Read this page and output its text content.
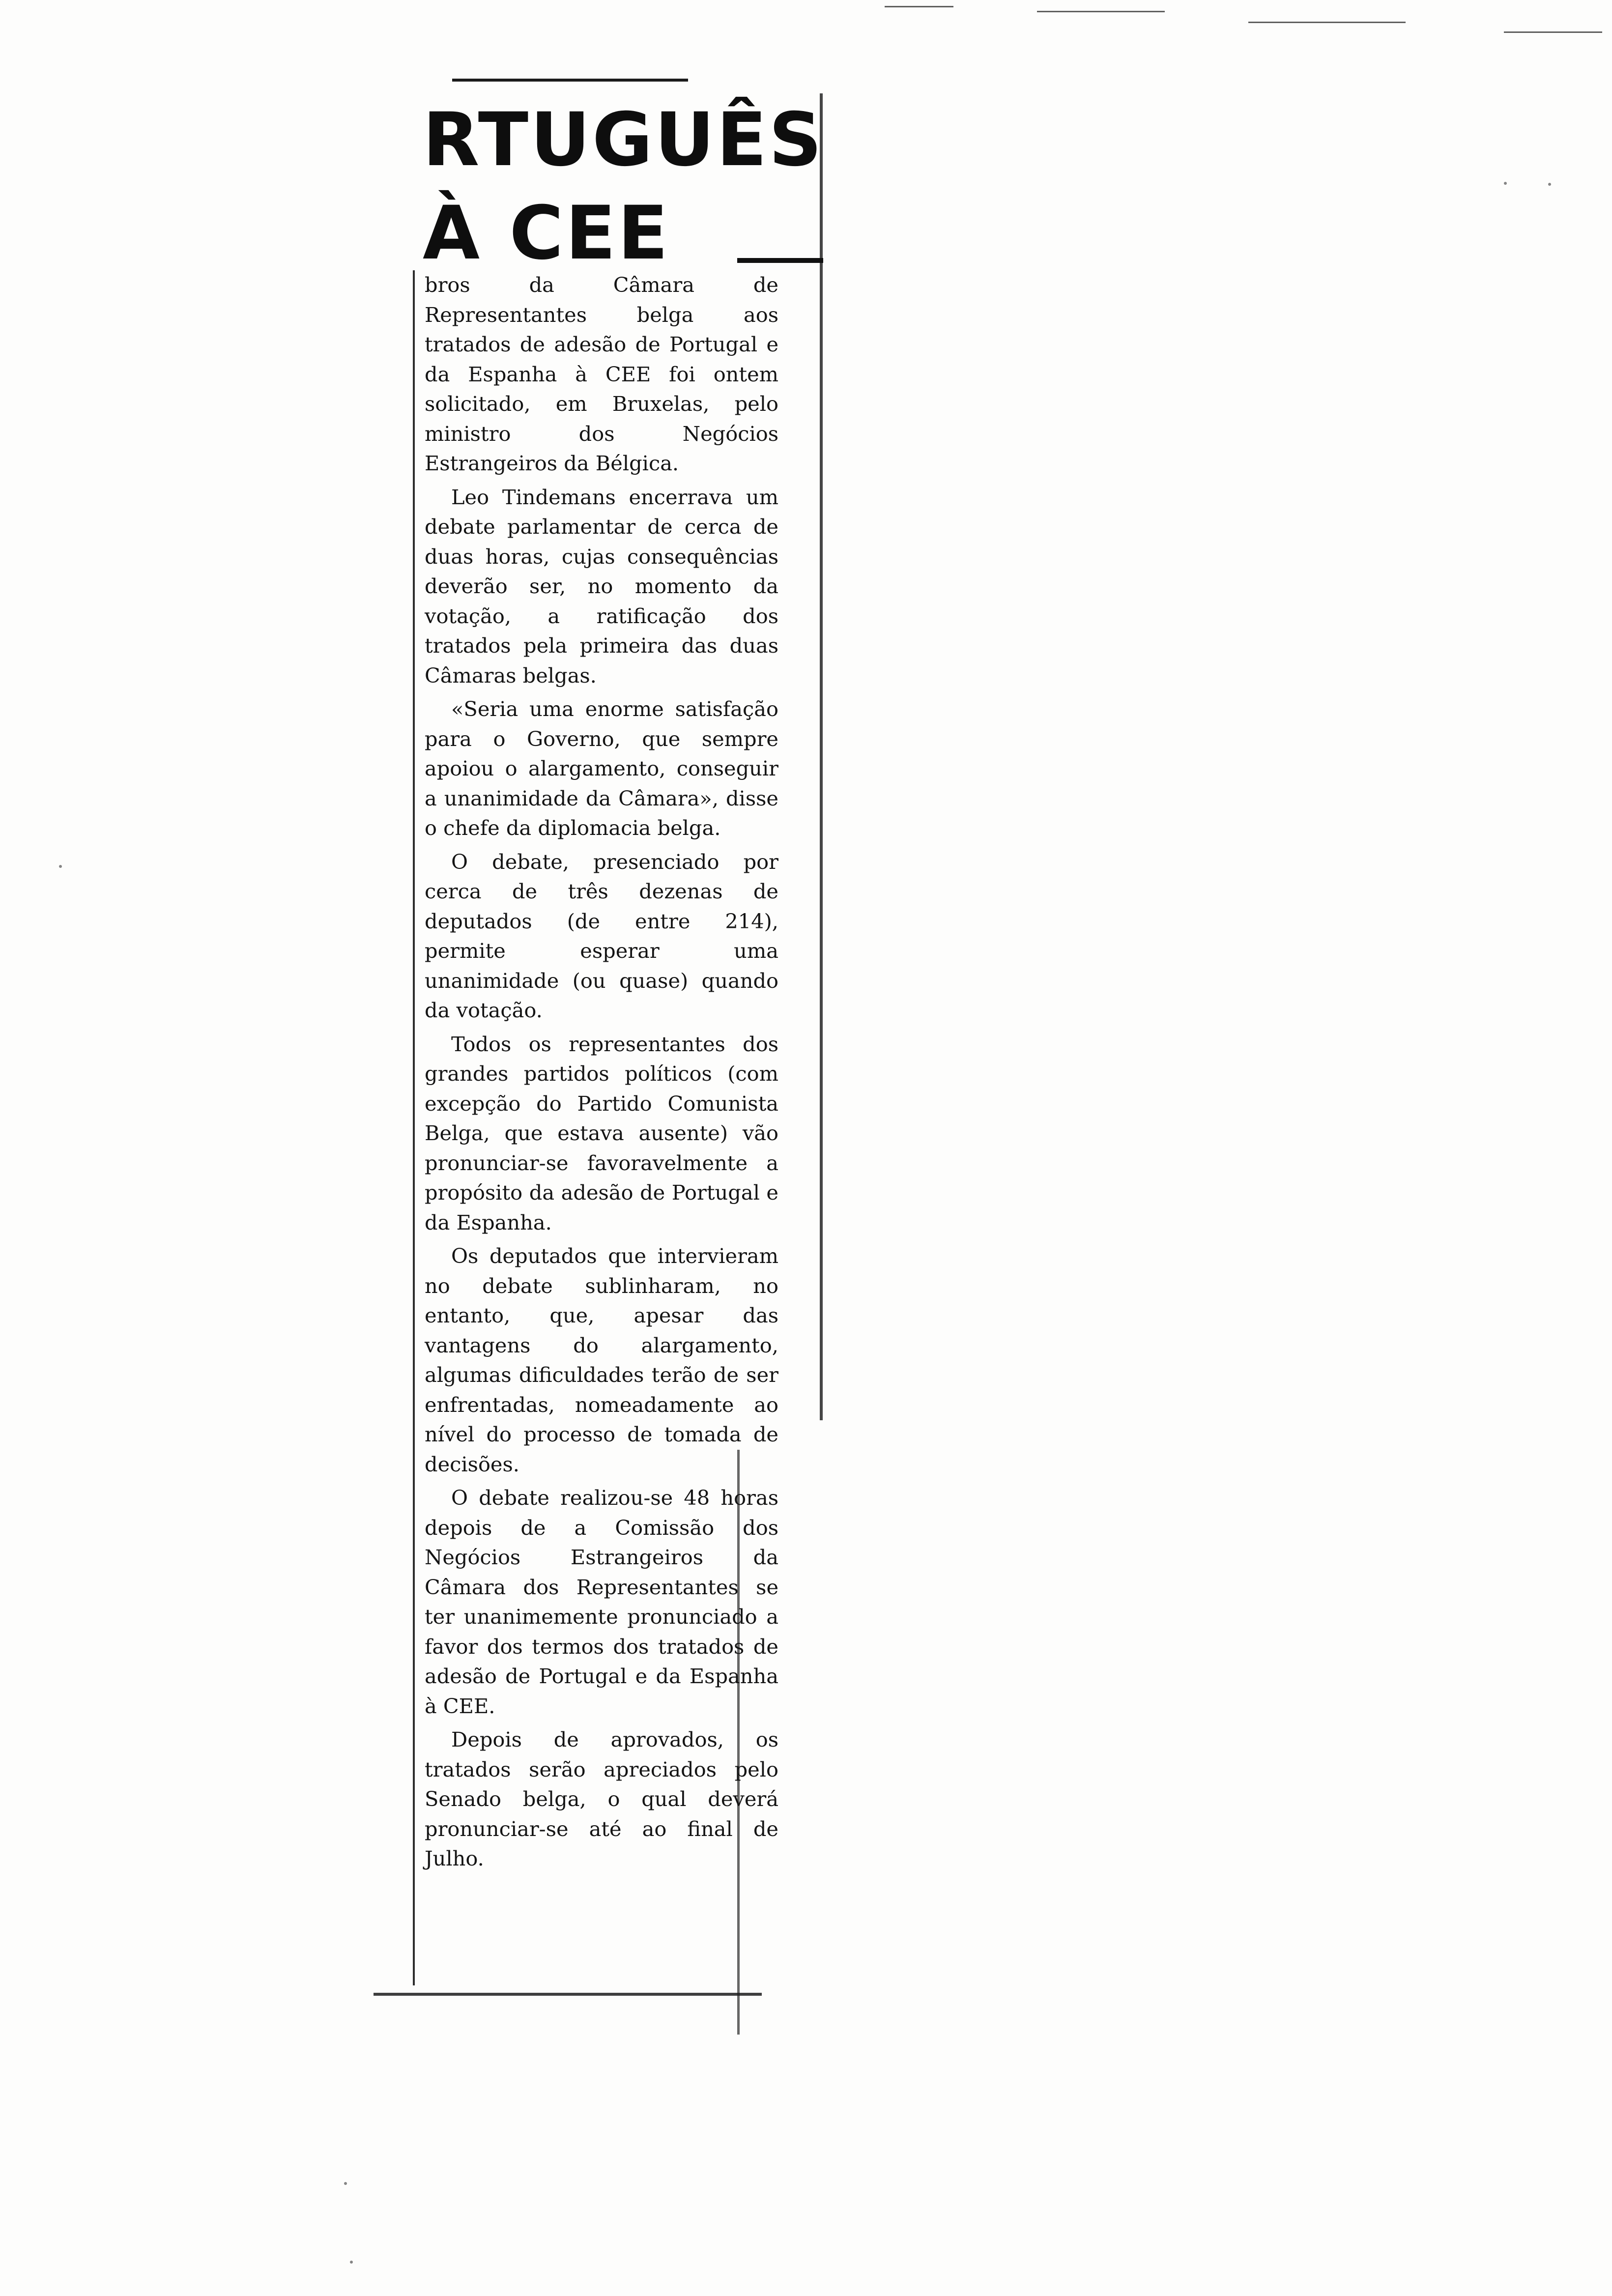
RTUGUÊS
À CEE

bros da Câmara de Representantes belga aos tratados de adesão de Portugal e da Espanha à CEE foi ontem solicitado, em Bruxelas, pelo ministro dos Negócios Estrangeiros da Bélgica.

Leo Tindemans encerrava um debate parlamentar de cerca de duas horas, cujas consequências deverão ser, no momento da votação, a ratificação dos tratados pela primeira das duas Câmaras belgas.

«Seria uma enorme satisfação para o Governo, que sempre apoiou o alargamento, conseguir a unanimidade da Câmara», disse o chefe da diplomacia belga.

O debate, presenciado por cerca de três dezenas de deputados (de entre 214), permite esperar uma unanimidade (ou quase) quando da votação.

Todos os representantes dos grandes partidos políticos (com excepção do Partido Comunista Belga, que estava ausente) vão pronunciar-se favoravelmente a propósito da adesão de Portugal e da Espanha.

Os deputados que intervieram no debate sublinharam, no entanto, que, apesar das vantagens do alargamento, algumas dificuldades terão de ser enfrentadas, nomeadamente ao nível do processo de tomada de decisões.

O debate realizou-se 48 horas depois de a Comissão dos Negócios Estrangeiros da Câmara dos Representantes se ter unanimemente pronunciado a favor dos termos dos tratados de adesão de Portugal e da Espanha à CEE.

Depois de aprovados, os tratados serão apreciados pelo Senado belga, o qual deverá pronunciar-se até ao final de Julho.
